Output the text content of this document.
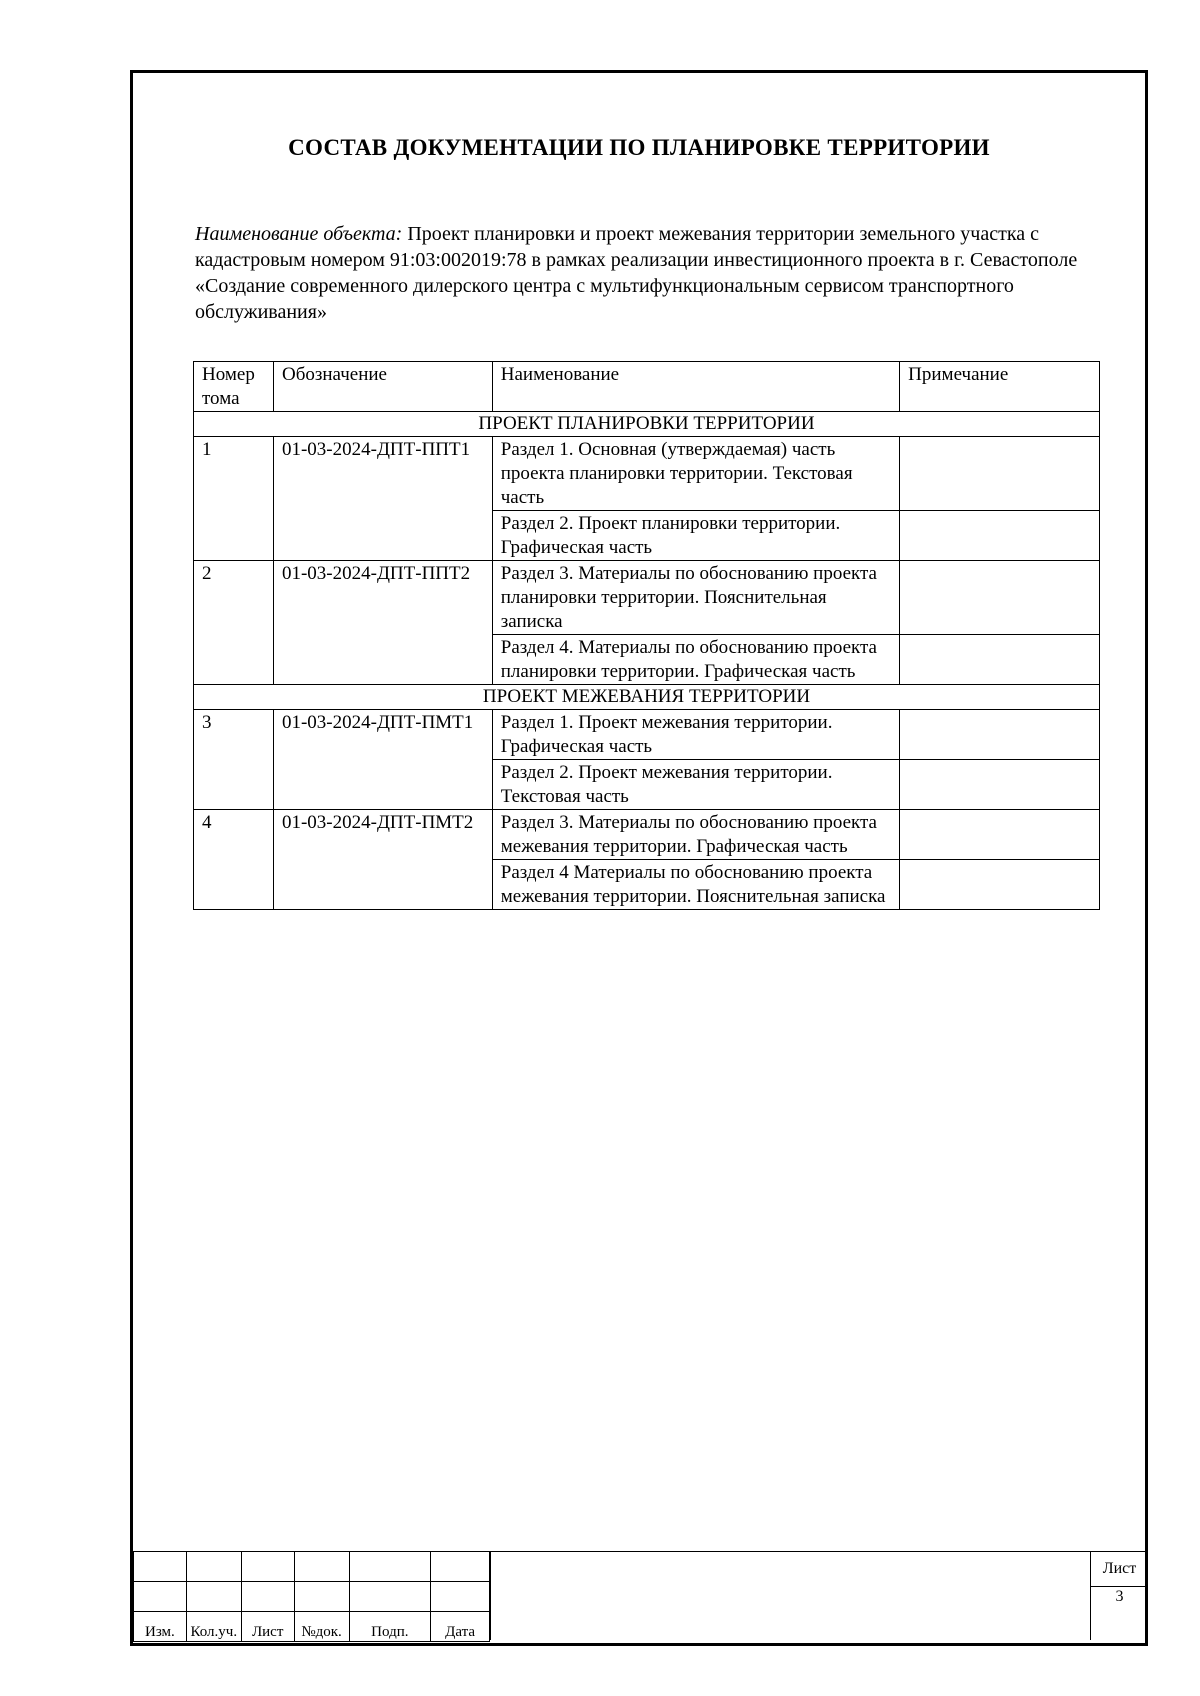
СОСТАВ ДОКУМЕНТАЦИИ ПО ПЛАНИРОВКЕ ТЕРРИТОРИИ
Наименование объекта: Проект планировки и проект межевания территории земельного участка с кадастровым номером 91:03:002019:78 в рамках реализации инвестиционного проекта в г. Севастополе «Создание современного дилерского центра с мультифункциональным сервисом транспортного обслуживания»
Номер тома	Обозначение	Наименование	Примечание
ПРОЕКТ ПЛАНИРОВКИ ТЕРРИТОРИИ			
1	01-03-2024-ДПТ-ППТ1	Раздел 1. Основная (утверждаемая) часть проекта планировки территории. Текстовая часть	
		Раздел 2. Проект планировки территории. Графическая часть	
2	01-03-2024-ДПТ-ППТ2	Раздел 3. Материалы по обоснованию проекта планировки территории. Пояснительная записка	
		Раздел 4. Материалы по обоснованию проекта планировки территории. Графическая часть	
ПРОЕКТ МЕЖЕВАНИЯ ТЕРРИТОРИИ			
3	01-03-2024-ДПТ-ПМТ1	Раздел 1. Проект межевания территории. Графическая часть	
		Раздел 2. Проект межевания территории. Текстовая часть	
4	01-03-2024-ДПТ-ПМТ2	Раздел 3. Материалы по обоснованию проекта межевания территории. Графическая часть	
		Раздел 4 Материалы по обоснованию проекта межевания территории. Пояснительная записка	

Изм.	Кол.уч.	Лист	№док.	Подп.	Дата
Лист
3
